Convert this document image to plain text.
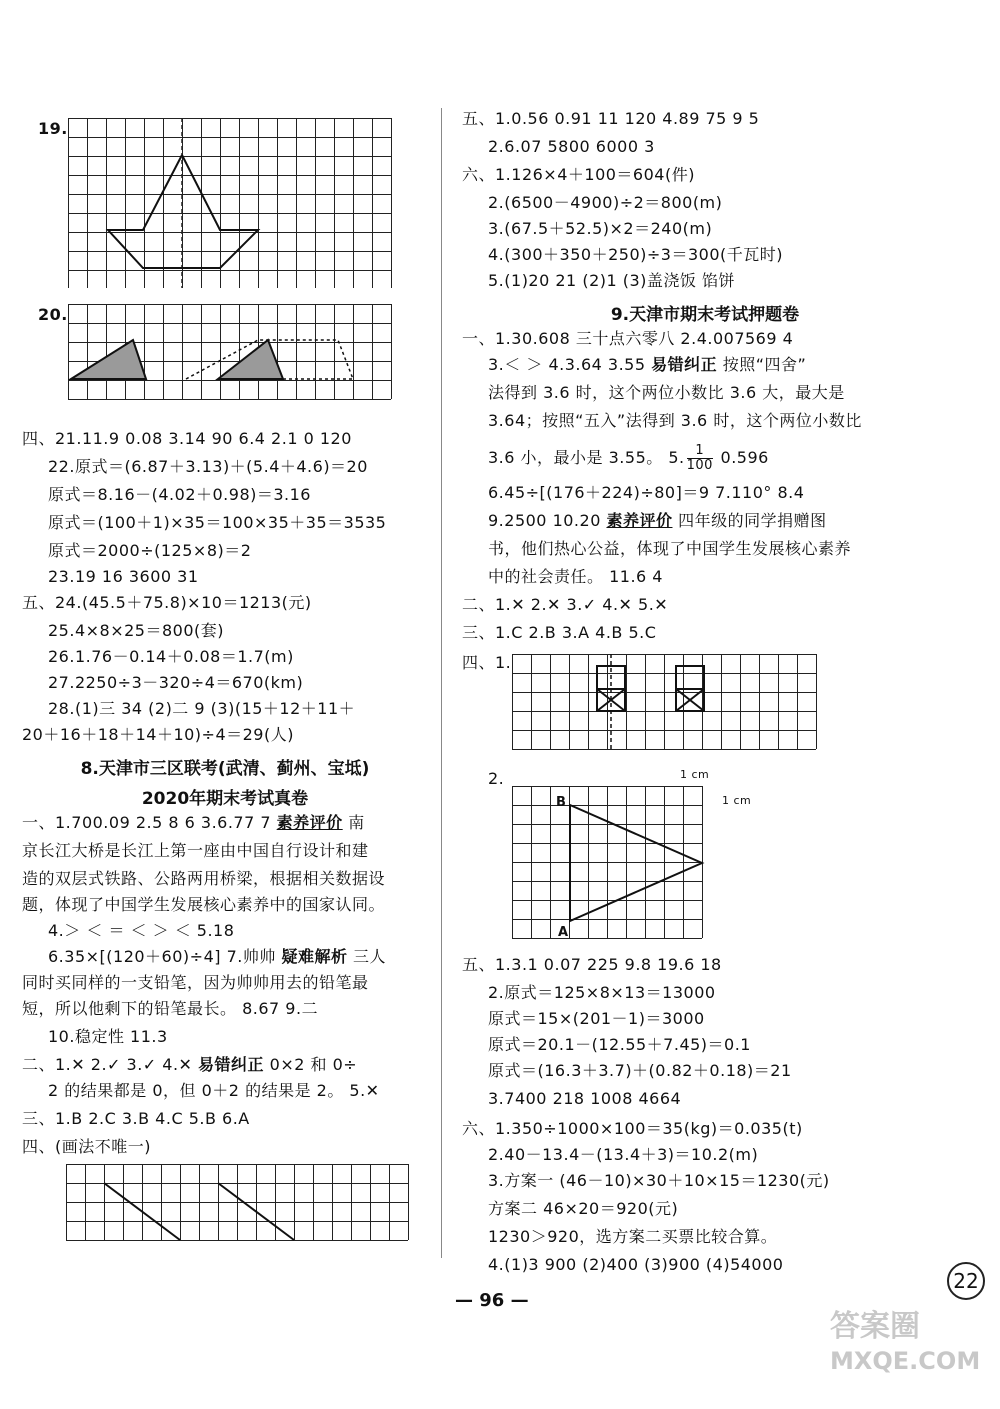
19.
20.
四、21.11.9 0.08 3.14 90 6.4 2.1 0 120
22.原式＝(6.87＋3.13)＋(5.4＋4.6)＝20
原式＝8.16－(4.02＋0.98)＝3.16
原式＝(100＋1)×35＝100×35＋35＝3535
原式＝2000÷(125×8)＝2
23.19 16 3600 31
五、24.(45.5＋75.8)×10＝1213(元)
25.4×8×25＝800(套)
26.1.76－0.14＋0.08＝1.7(m)
27.2250÷3－320÷4＝670(km)
28.(1)三 34 (2)二 9 (3)(15＋12＋11＋
20＋16＋18＋14＋10)÷4＝29(人)
8.天津市三区联考(武清、蓟州、宝坻)
2020年期末考试真卷
一、1.700.09 2.5 8 6 3.6.77 7 素养评价 南
京长江大桥是长江上第一座由中国自行设计和建
造的双层式铁路、公路两用桥梁，根据相关数据设
题，体现了中国学生发展核心素养中的国家认同。
4.＞ ＜ ＝ ＜ ＞ ＜ 5.18
6.35×[(120＋60)÷4] 7.帅帅 疑难解析 三人
同时买同样的一支铅笔，因为帅帅用去的铅笔最
短，所以他剩下的铅笔最长。 8.67 9.二
10.稳定性 11.3
二、1.✕ 2.✓ 3.✓ 4.✕ 易错纠正 0×2 和 0÷
2 的结果都是 0，但 0＋2 的结果是 2。 5.✕
三、1.B 2.C 3.B 4.C 5.B 6.A
四、(画法不唯一)
五、1.0.56 0.91 11 120 4.89 75 9 5
2.6.07 5800 6000 3
六、1.126×4＋100＝604(件)
2.(6500－4900)÷2＝800(m)
3.(67.5＋52.5)×2＝240(m)
4.(300＋350＋250)÷3＝300(千瓦时)
5.(1)20 21 (2)1 (3)盖浇饭 馅饼
9.天津市期末考试押题卷
一、1.30.608 三十点六零八 2.4.007569 4
3.＜ ＞ 4.3.64 3.55 易错纠正 按照“四舍”
法得到 3.6 时，这个两位小数比 3.6 大，最大是
3.64；按照“五入”法得到 3.6 时，这个两位小数比
3.6 小，最小是 3.55。 5. $\frac{1}{100} 0.596$
6.45÷[(176＋224)÷80]＝9 7.110° 8.4
9.2500 10.20 素养评价 四年级的同学捐赠图
书，他们热心公益，体现了中国学生发展核心素养
中的社会责任。 11.6 4
二、1.✕ 2.✕ 3.✓ 4.✕ 5.✕
三、1.C 2.B 3.A 4.B 5.C
四、1.
2.	1 cm
1 cm
B
A
五、1.3.1 0.07 225 9.8 19.6 18
2.原式＝125×8×13＝13000
原式＝15×(201－1)＝3000
原式＝20.1－(12.55＋7.45)＝0.1
原式＝(16.3＋3.7)＋(0.82＋0.18)＝21
3.7400 218 1008 4664
六、1.350÷1000×100＝35(kg)＝0.035(t)
2.40－13.4－(13.4＋3)＝10.2(m)
3.方案一 (46－10)×30＋10×15＝1230(元)
方案二 46×20＝920(元)
1230＞920，选方案二买票比较合算。
4.(1)3 900 (2)400 (3)900 (4)54000
— 96 —
22
答案圈
MXQE.COM
